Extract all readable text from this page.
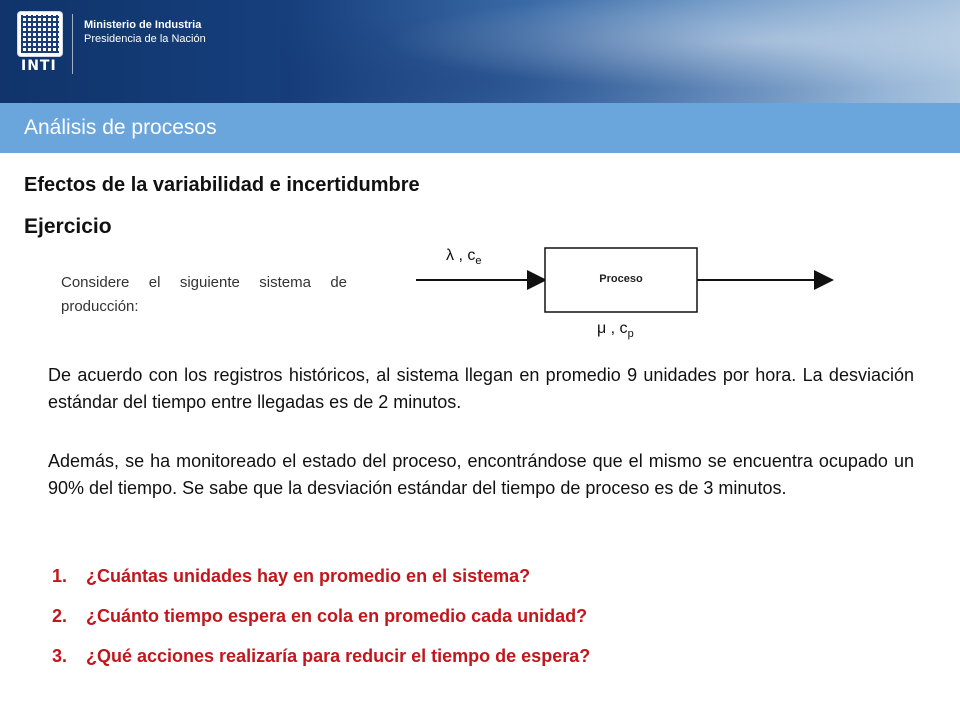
INTI
Ministerio de Industria
Presidencia de la Nación
Análisis de procesos
Efectos de la variabilidad e incertidumbre
Ejercicio
Considere el siguiente sistema de producción:
λ , $c_e$
Proceso
μ , $c_p$
De acuerdo con los registros históricos, al sistema llegan en promedio 9 unidades por hora. La desviación estándar del tiempo entre llegadas es de 2 minutos.
Además, se ha monitoreado el estado del proceso, encontrándose que el mismo se encuentra ocupado un 90% del tiempo. Se sabe que la desviación estándar del tiempo de proceso es de 3 minutos.
1.	¿Cuántas unidades hay en promedio en el sistema?
2.	¿Cuánto tiempo espera en cola en promedio cada unidad?
3.	¿Qué acciones realizaría para reducir el tiempo de espera?
